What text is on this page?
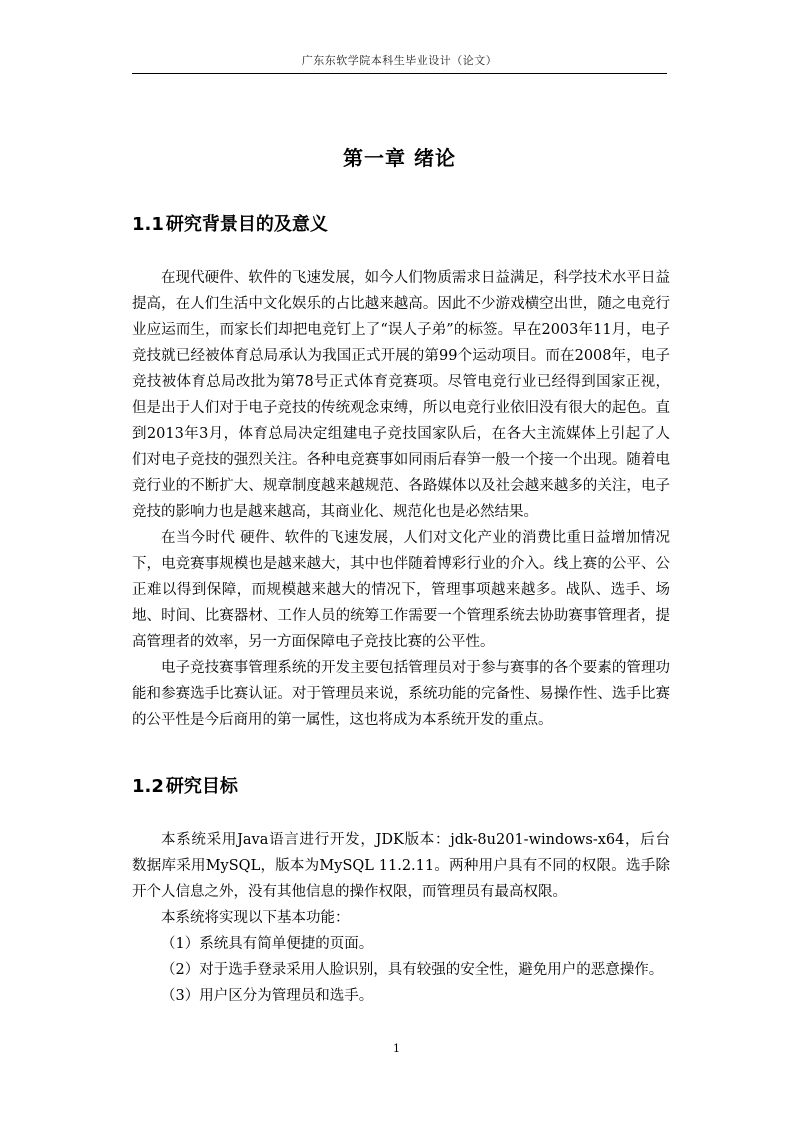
广东东软学院本科生毕业设计（论文）
第一章 绪论
1.1 研究背景目的及意义

在现代硬件、软件的飞速发展，如今人们物质需求日益满足，科学技术水平日益提高，在人们生活中文化娱乐的占比越来越高。因此不少游戏横空出世，随之电竞行业应运而生，而家长们却把电竞钉上了“误人子弟”的标签。早在2003年11月，电子竞技就已经被体育总局承认为我国正式开展的第99个运动项目。而在2008年，电子竞技被体育总局改批为第78号正式体育竞赛项。尽管电竞行业已经得到国家正视，但是出于人们对于电子竞技的传统观念束缚，所以电竞行业依旧没有很大的起色。直到2013年3月，体育总局决定组建电子竞技国家队后，在各大主流媒体上引起了人们对电子竞技的强烈关注。各种电竞赛事如同雨后春笋一般一个接一个出现。随着电竞行业的不断扩大、规章制度越来越规范、各路媒体以及社会越来越多的关注，电子竞技的影响力也是越来越高，其商业化、规范化也是必然结果。

在当今时代 硬件、软件的飞速发展，人们对文化产业的消费比重日益增加情况下，电竞赛事规模也是越来越大，其中也伴随着博彩行业的介入。线上赛的公平、公正难以得到保障，而规模越来越大的情况下，管理事项越来越多。战队、选手、场地、时间、比赛器材、工作人员的统筹工作需要一个管理系统去协助赛事管理者，提高管理者的效率，另一方面保障电子竞技比赛的公平性。

电子竞技赛事管理系统的开发主要包括管理员对于参与赛事的各个要素的管理功能和参赛选手比赛认证。对于管理员来说，系统功能的完备性、易操作性、选手比赛的公平性是今后商用的第一属性，这也将成为本系统开发的重点。

1.2 研究目标

本系统采用Java语言进行开发，JDK版本：jdk-8u201-windows-x64，后台数据库采用MySQL，版本为MySQL 11.2.11。两种用户具有不同的权限。选手除开个人信息之外，没有其他信息的操作权限，而管理员有最高权限。

本系统将实现以下基本功能：

（1）系统具有简单便捷的页面。

（2）对于选手登录采用人脸识别，具有较强的安全性，避免用户的恶意操作。

（3）用户区分为管理员和选手。

1
